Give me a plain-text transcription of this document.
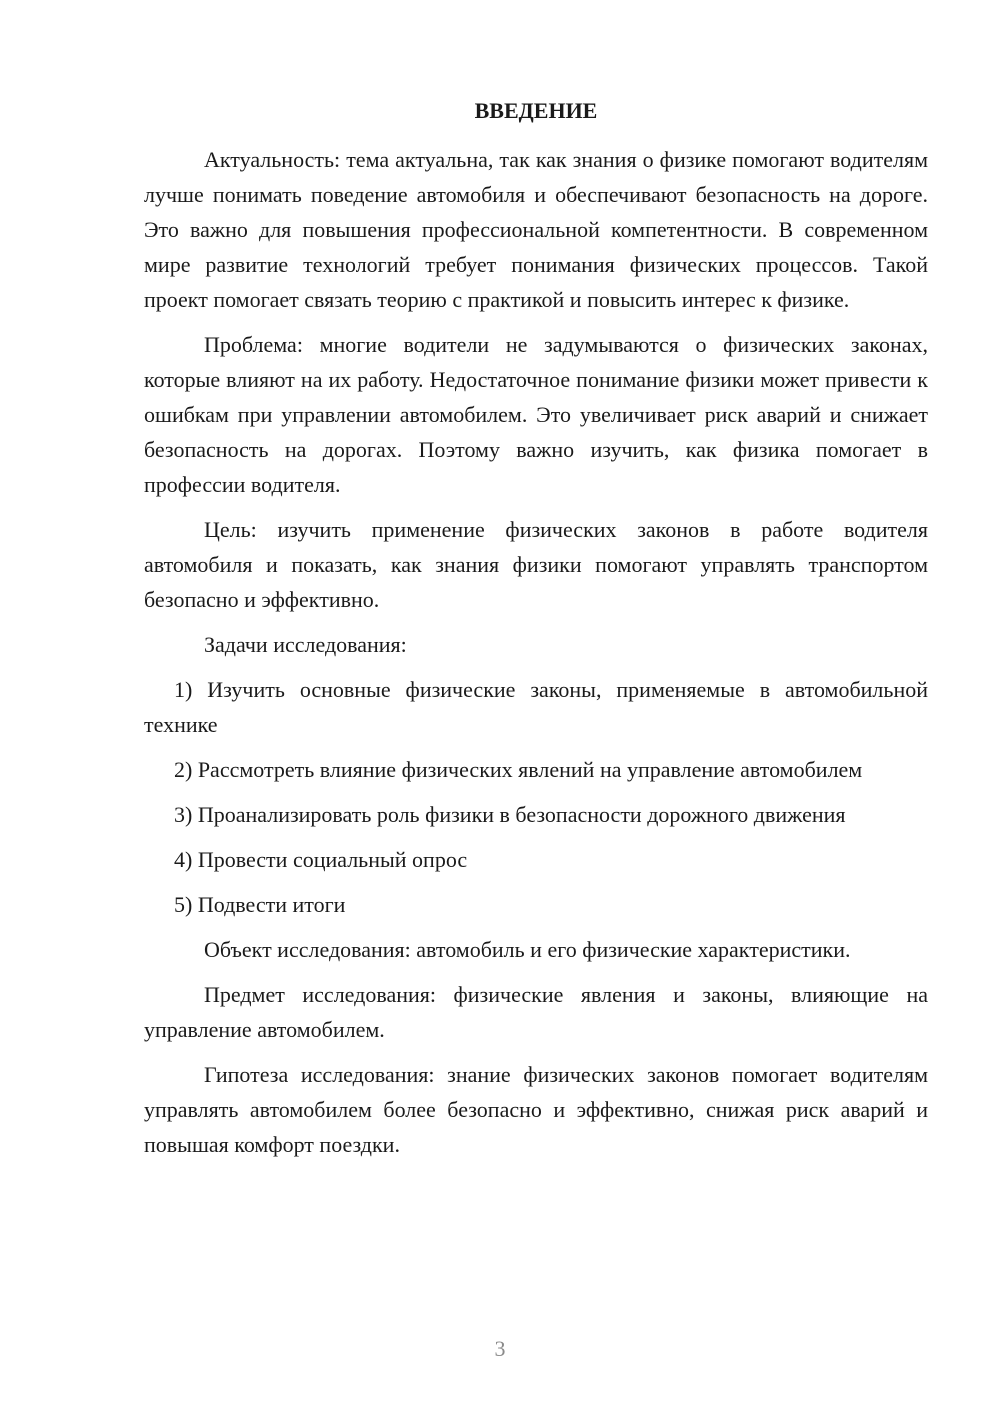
ВВЕДЕНИЕ

Актуальность: тема актуальна, так как знания о физике помогают водителям лучше понимать поведение автомобиля и обеспечивают безопасность на дороге. Это важно для повышения профессиональной компетентности. В современном мире развитие технологий требует понимания физических процессов. Такой проект помогает связать теорию с практикой и повысить интерес к физике.

Проблема: многие водители не задумываются о физических законах, которые влияют на их работу. Недостаточное понимание физики может привести к ошибкам при управлении автомобилем. Это увеличивает риск аварий и снижает безопасность на дорогах. Поэтому важно изучить, как физика помогает в профессии водителя.

Цель: изучить применение физических законов в работе водителя автомобиля и показать, как знания физики помогают управлять транспортом безопасно и эффективно.

Задачи исследования:

1) Изучить основные физические законы, применяемые в автомобильной технике

2) Рассмотреть влияние физических явлений на управление автомобилем

3) Проанализировать роль физики в безопасности дорожного движения

4) Провести социальный опрос

5) Подвести итоги

Объект исследования: автомобиль и его физические характеристики.

Предмет исследования: физические явления и законы, влияющие на управление автомобилем.

Гипотеза исследования: знание физических законов помогает водителям управлять автомобилем более безопасно и эффективно, снижая риск аварий и повышая комфорт поездки.

3
